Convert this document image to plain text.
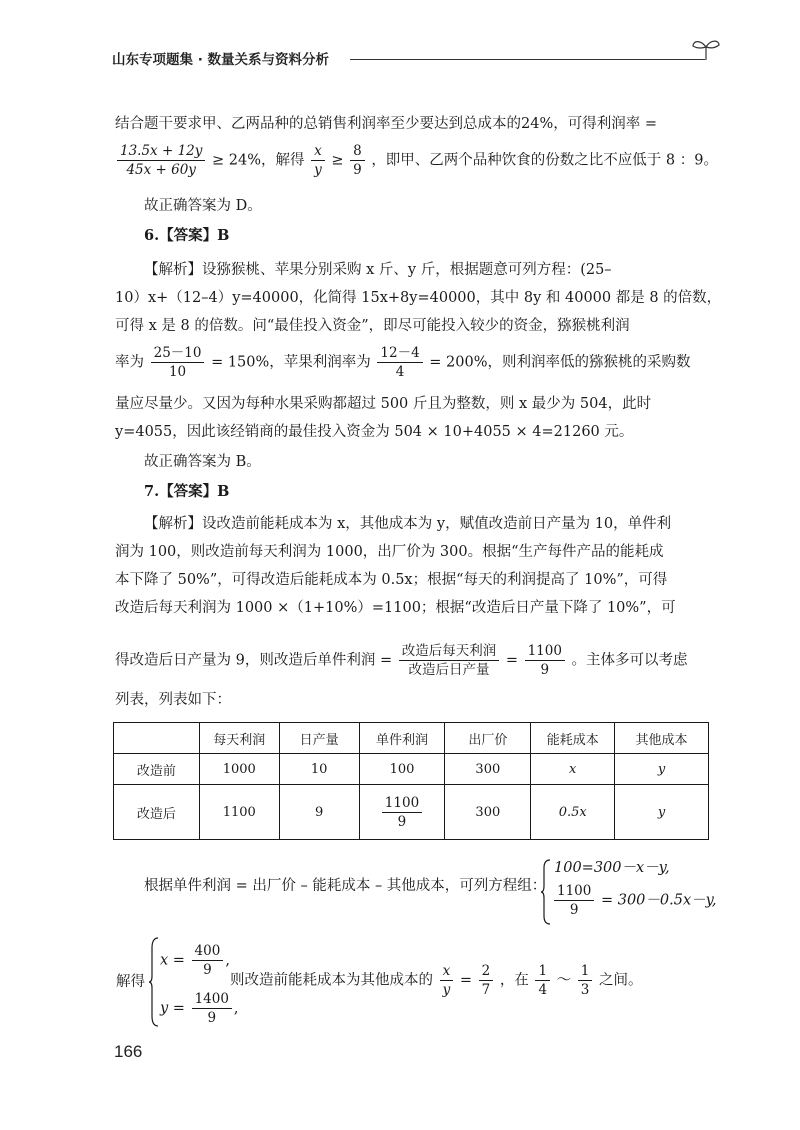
山东专项题集 · 数量关系与资料分析
结合题干要求甲、乙两品种的总销售利润率至少要达到总成本的24%，可得利润率 =
$\frac{13.5x + 12y}{45x + 60y} \ge 24\%$，解得 $\frac{x}{y} \ge \frac{8}{9}$ ，即甲、乙两个品种饮食的份数之比不应低于 8 ：9。
故正确答案为 D。
6.【答案】B
【解析】设猕猴桃、苹果分别采购 x 斤、y 斤，根据题意可列方程：(25–
10）x+（12–4）y=40000，化简得 15x+8y=40000，其中 8y 和 40000 都是 8 的倍数，
可得 x 是 8 的倍数。问“最佳投入资金”，即尽可能投入较少的资金，猕猴桃利润
率为 $\frac{25-10}{10} = 150\%$，苹果利润率为 $\frac{12-4}{4} = 200\%$，则利润率低的猕猴桃的采购数
量应尽量少。又因为每种水果采购都超过 500 斤且为整数，则 x 最少为 504，此时
y=4055，因此该经销商的最佳投入资金为 504 × 10+4055 × 4=21260 元。
故正确答案为 B。
7.【答案】B
【解析】设改造前能耗成本为 x，其他成本为 y，赋值改造前日产量为 10，单件利
润为 100，则改造前每天利润为 1000，出厂价为 300。根据“生产每件产品的能耗成
本下降了 50%”，可得改造后能耗成本为 0.5x；根据“每天的利润提高了 10%”，可得
改造后每天利润为 1000 ×（1+10%）=1100；根据“改造后日产量下降了 10%”，可
得改造后日产量为 9，则改造后单件利润 = $\frac{\text{改造后每天利润}}{\text{改造后日产量}} = \frac{1100}{9}$ 。主体多可以考虑
列表，列表如下：
	每天利润	日产量	单件利润	出厂价	能耗成本	其他成本
改造前	1000	10	100	300	x	y
改造后	1100	9	$\frac{1100}{9}$	300	0.5x	y
根据单件利润 = 出厂价 – 能耗成本 – 其他成本，可列方程组：
100=300－x－y,
$\frac{1100}{9} = 300-0.5x-y$,
解得
$x = \frac{400}{9}$ ,
$y = \frac{1400}{9}$ ,
则改造前能耗成本为其他成本的 $\frac{x}{y} = \frac{2}{7}$ ，在 $\frac{1}{4}$ ～ $\frac{1}{3}$ 之间。
166
